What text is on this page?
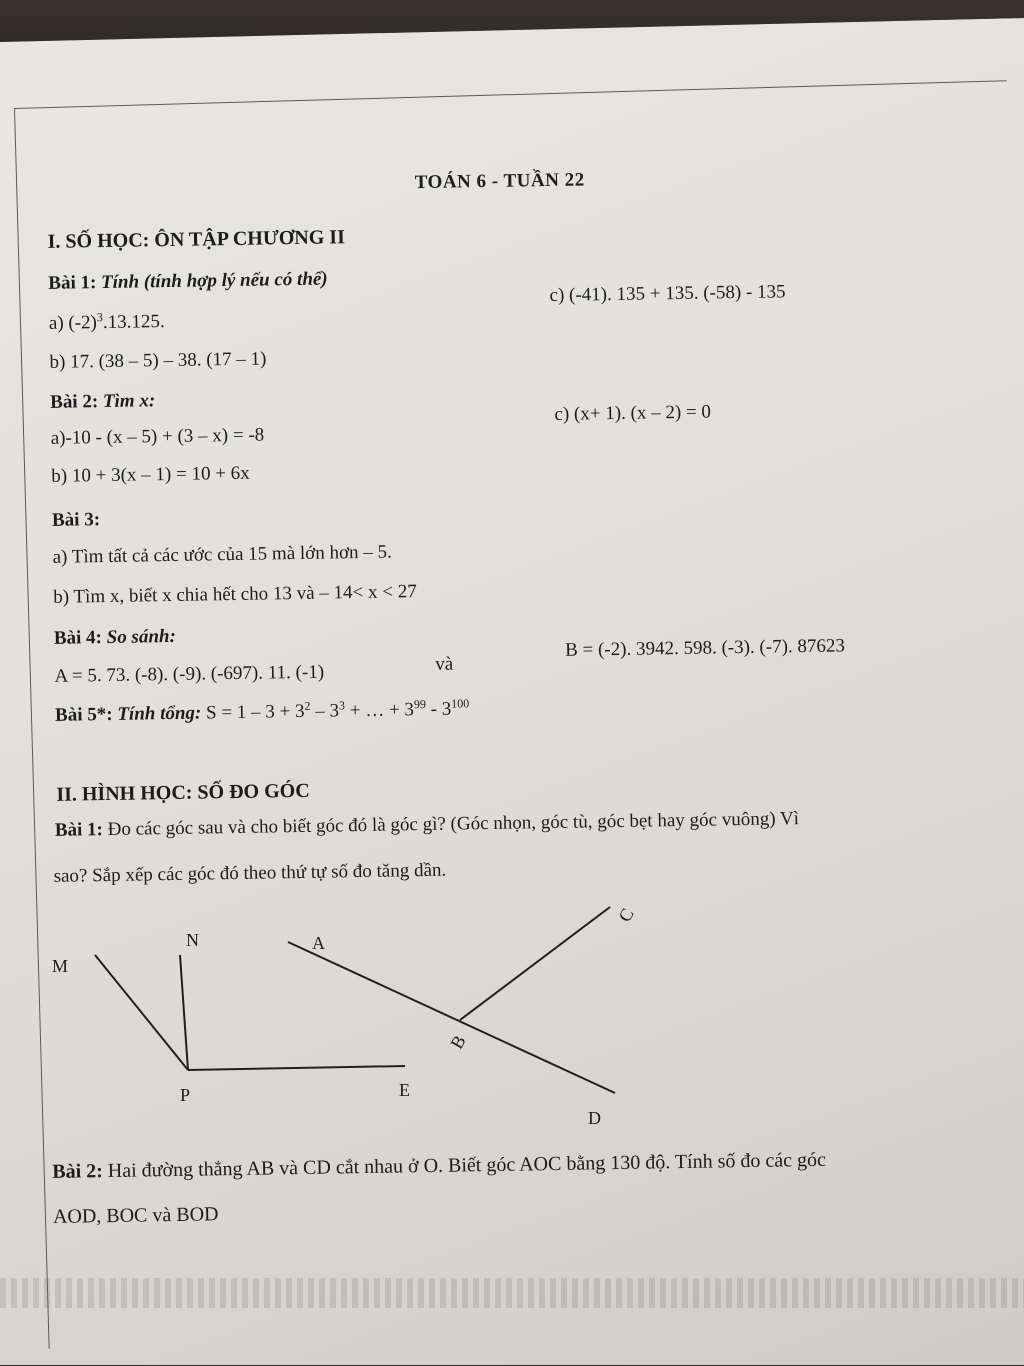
TOÁN 6 - TUẦN 22
I. SỐ HỌC: ÔN TẬP CHƯƠNG II
Bài 1: Tính (tính hợp lý nếu có thể)
a) $(-2)^3.13.125$.
c) (-41). 135 + 135. (-58) - 135
b) 17. (38 – 5) – 38. (17 – 1)
Bài 2: Tìm x:
a)-10 - (x – 5) + (3 – x) = -8
c) (x+ 1). (x – 2) = 0
b) 10 + 3(x – 1) = 10 + 6x
Bài 3:
a) Tìm tất cả các ước của 15 mà lớn hơn – 5.
b) Tìm x, biết x chia hết cho 13 và – 14< x < 27
Bài 4: So sánh:
A = 5. 73. (-8). (-9). (-697). 11. (-1)	và
B = (-2). 3942. 598. (-3). (-7). 87623
Bài 5*: Tính tổng: $S = 1 - 3 + 3^2 - 3^3$ + … + $3^{99} - 3^{100}$
II. HÌNH HỌC: SỐ ĐO GÓC
Bài 1: Đo các góc sau và cho biết góc đó là góc gì? (Góc nhọn, góc tù, góc bẹt hay góc vuông) Vì
sao? Sắp xếp các góc đó theo thứ tự số đo tăng dần.
Bài 2: Hai đường thẳng AB và CD cắt nhau ở O. Biết góc AOC bằng 130 độ. Tính số đo các góc
AOD, BOC và BOD
M
N
P	E
A
B
C
D
